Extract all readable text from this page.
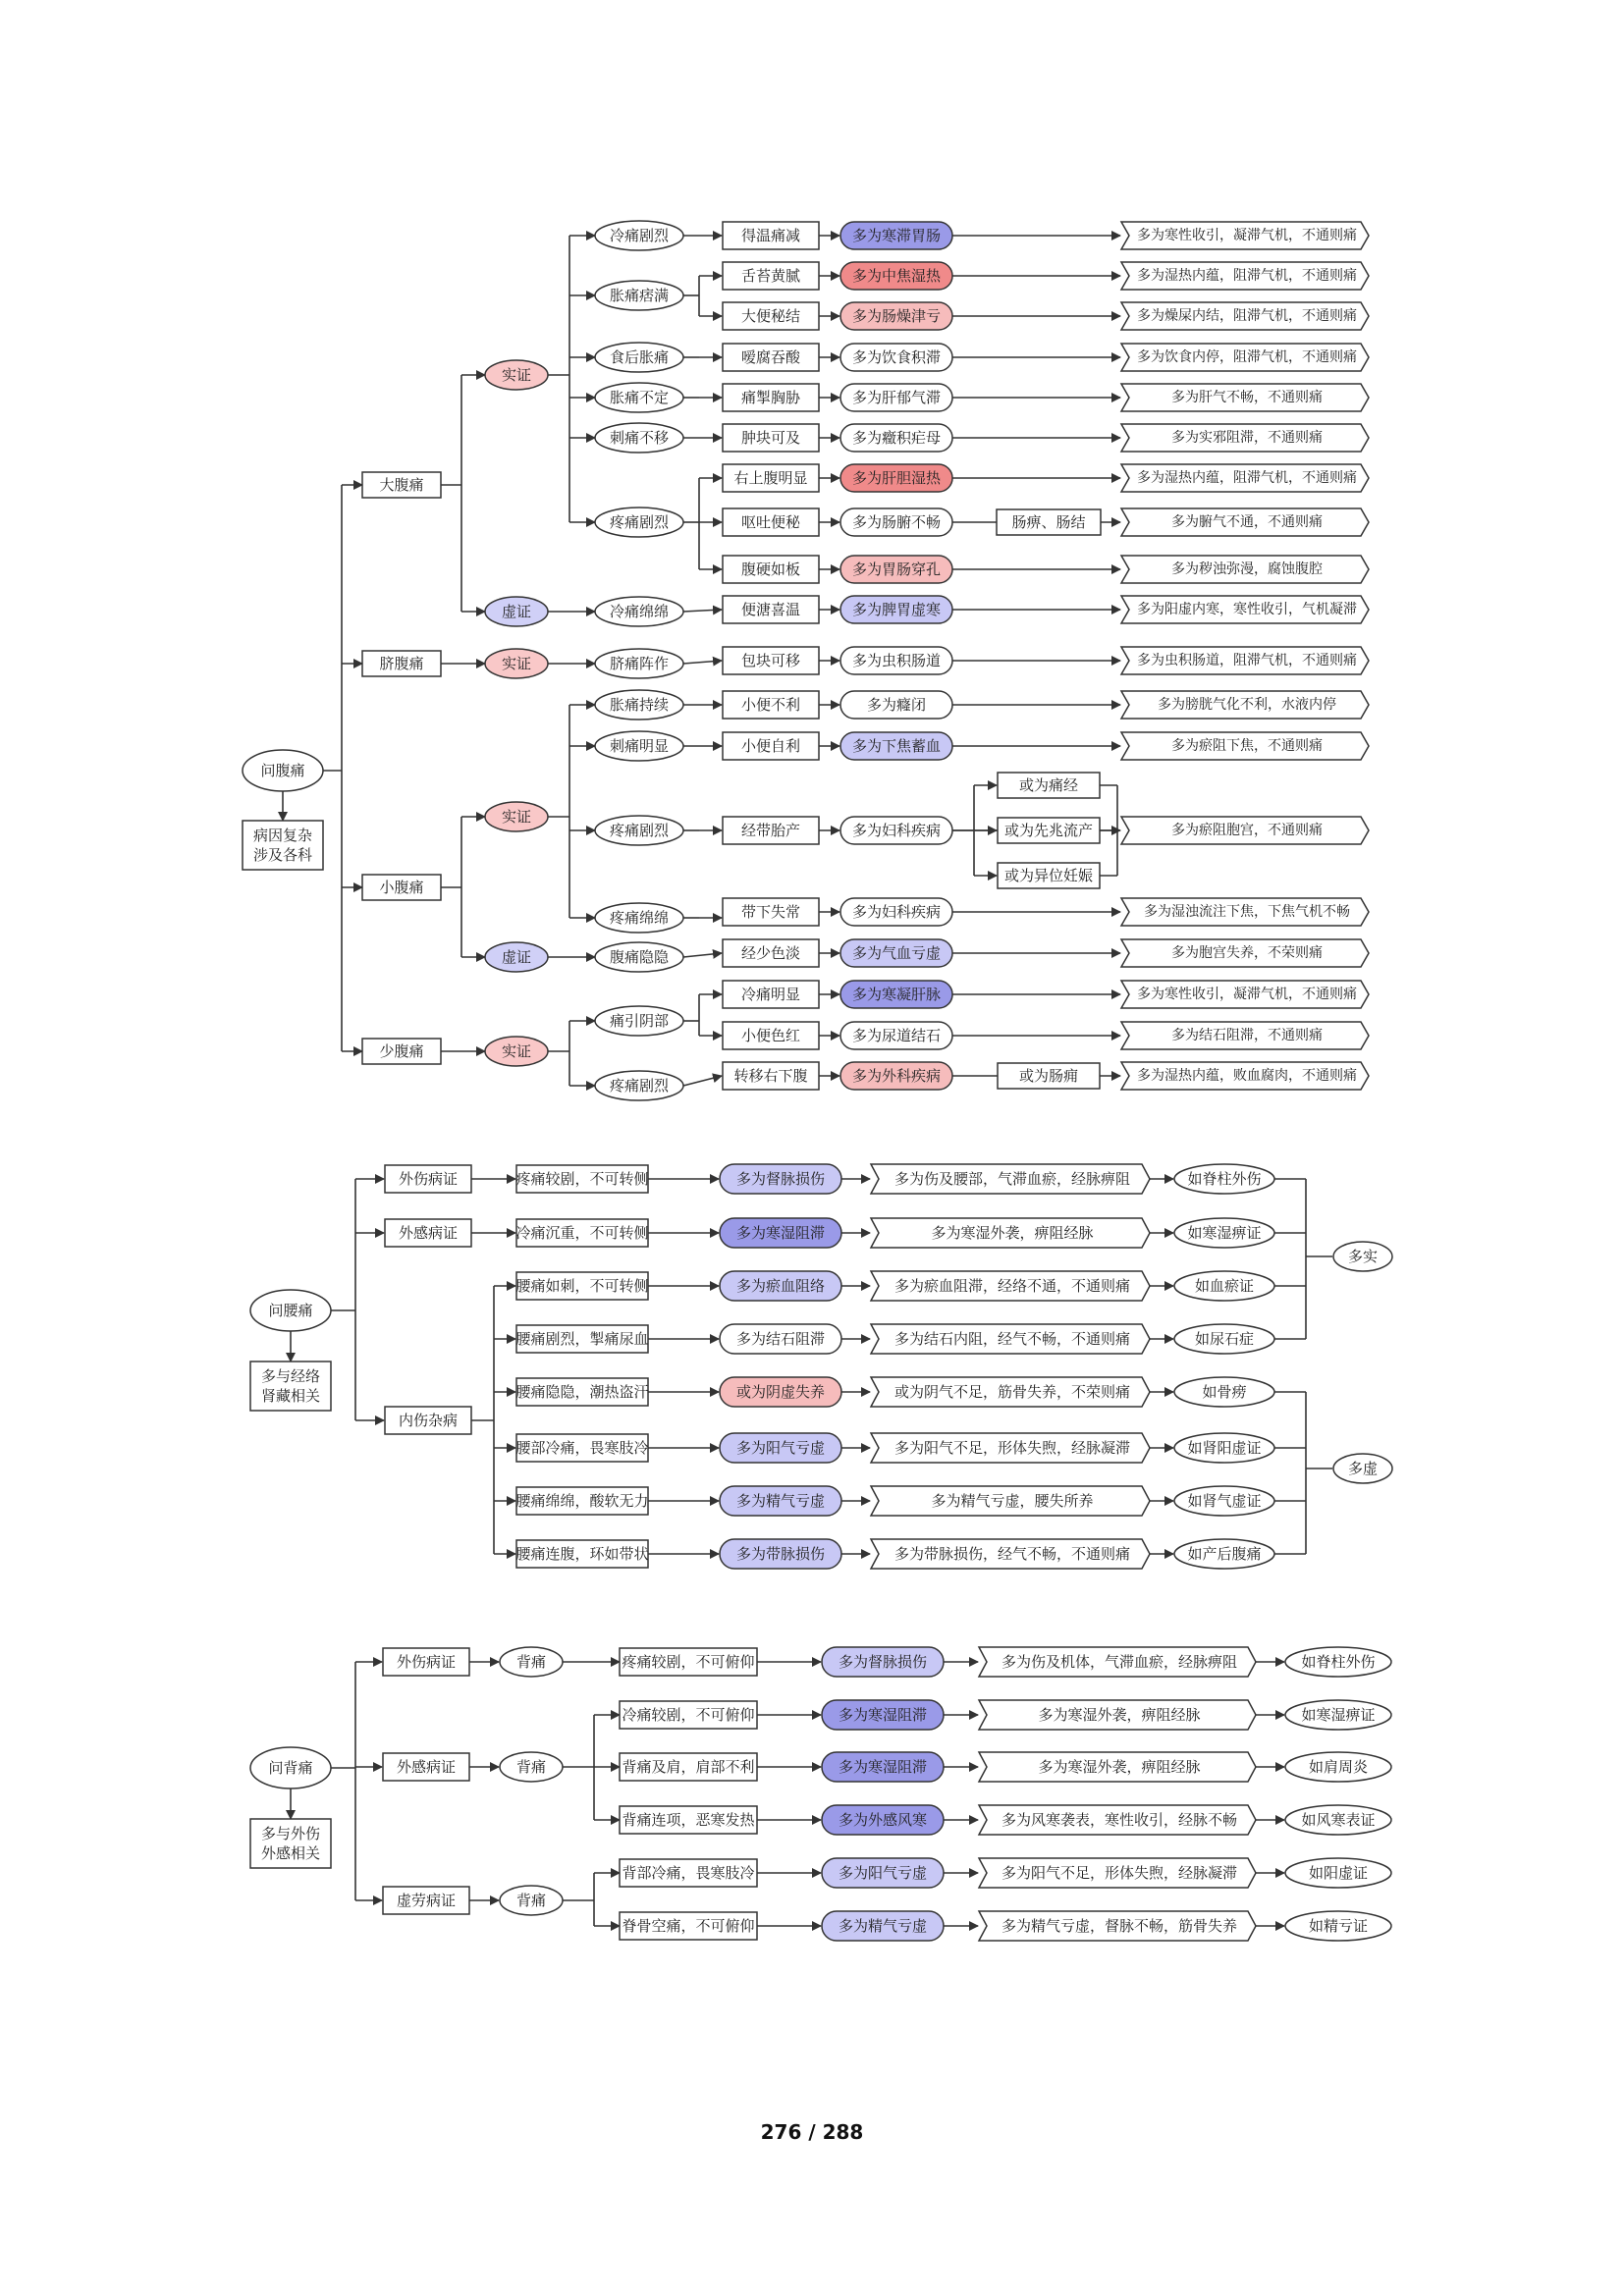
问腹痛
病因复杂
涉及各科
大腹痛
脐腹痛
小腹痛
少腹痛
实证
虚证
实证
实证
虚证
实证
冷痛剧烈
胀痛痞满
食后胀痛
胀痛不定
刺痛不移
疼痛剧烈
冷痛绵绵
脐痛阵作
胀痛持续
刺痛明显
疼痛剧烈
疼痛绵绵
腹痛隐隐
痛引阴部
疼痛剧烈
得温痛减	多为寒滞胃肠	多为寒性收引，凝滞气机，不通则痛
舌苔黄腻	多为中焦湿热	多为湿热内蕴，阻滞气机，不通则痛
大便秘结	多为肠燥津亏	多为燥屎内结，阻滞气机，不通则痛
嗳腐吞酸	多为饮食积滞	多为饮食内停，阻滞气机，不通则痛
痛掣胸胁	多为肝郁气滞	多为肝气不畅，不通则痛
肿块可及	多为癥积疟母	多为实邪阻滞，不通则痛
右上腹明显	多为肝胆湿热	多为湿热内蕴，阻滞气机，不通则痛
呕吐便秘	多为肠腑不畅	多为腑气不通，不通则痛
腹硬如板	多为胃肠穿孔	多为秽浊弥漫，腐蚀腹腔
便溏喜温	多为脾胃虚寒	多为阳虚内寒，寒性收引，气机凝滞
包块可移	多为虫积肠道	多为虫积肠道，阻滞气机，不通则痛
小便不利	多为癃闭	多为膀胱气化不利，水液内停
小便自利	多为下焦蓄血	多为瘀阻下焦，不通则痛
经带胎产	多为妇科疾病	多为瘀阻胞宫，不通则痛
带下失常	多为妇科疾病	多为湿浊流注下焦，下焦气机不畅
经少色淡	多为气血亏虚	多为胞宫失养，不荣则痛
冷痛明显	多为寒凝肝脉	多为寒性收引，凝滞气机，不通则痛
小便色红	多为尿道结石	多为结石阻滞，不通则痛
转移右下腹	多为外科疾病	多为湿热内蕴，败血腐肉，不通则痛
肠痹、肠结
或为痛经
或为先兆流产
或为异位妊娠
或为肠痈
问腰痛
多与经络
肾藏相关
外伤病证
外感病证
内伤杂病
疼痛较剧，不可转侧	多为督脉损伤	多为伤及腰部，气滞血瘀，经脉痹阻	如脊柱外伤
冷痛沉重，不可转侧	多为寒湿阻滞	多为寒湿外袭，痹阻经脉	如寒湿痹证
腰痛如刺，不可转侧	多为瘀血阻络	多为瘀血阻滞，经络不通，不通则痛	如血瘀证
腰痛剧烈，掣痛尿血	多为结石阻滞	多为结石内阻，经气不畅，不通则痛	如尿石症
腰痛隐隐，潮热盗汗	或为阴虚失养	或为阴气不足，筋骨失养，不荣则痛	如骨痨
腰部冷痛，畏寒肢冷	多为阳气亏虚	多为阳气不足，形体失煦，经脉凝滞	如肾阳虚证
腰痛绵绵，酸软无力	多为精气亏虚	多为精气亏虚，腰失所养	如肾气虚证
腰痛连腹，环如带状	多为带脉损伤	多为带脉损伤，经气不畅，不通则痛	如产后腹痛
多实
多虚
问背痛
多与外伤
外感相关
外伤病证
外感病证
虚劳病证
背痛
背痛
背痛
疼痛较剧，不可俯仰	多为督脉损伤	多为伤及机体，气滞血瘀，经脉痹阻	如脊柱外伤
冷痛较剧，不可俯仰	多为寒湿阻滞	多为寒湿外袭，痹阻经脉	如寒湿痹证
背痛及肩，肩部不利	多为寒湿阻滞	多为寒湿外袭，痹阻经脉	如肩周炎
背痛连项，恶寒发热	多为外感风寒	多为风寒袭表，寒性收引，经脉不畅	如风寒表证
背部冷痛，畏寒肢冷	多为阳气亏虚	多为阳气不足，形体失煦，经脉凝滞	如阳虚证
脊骨空痛，不可俯仰	多为精气亏虚	多为精气亏虚，督脉不畅，筋骨失养	如精亏证
276 / 288
